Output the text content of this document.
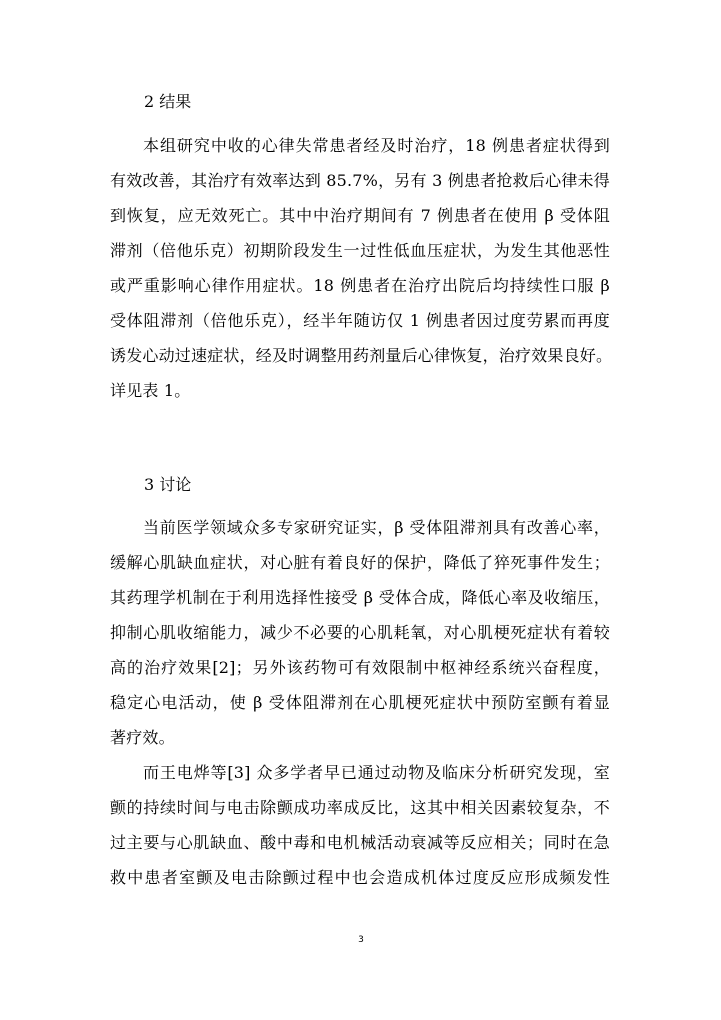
2 结果
本组研究中收的心律失常患者经及时治疗，18 例患者症状得到
有效改善，其治疗有效率达到 85.7%，另有 3 例患者抢救后心律未得
到恢复，应无效死亡。其中中治疗期间有 7 例患者在使用 β 受体阻
滞剂（倍他乐克）初期阶段发生一过性低血压症状，为发生其他恶性
或严重影响心律作用症状。18 例患者在治疗出院后均持续性口服 β
受体阻滞剂（倍他乐克），经半年随访仅 1 例患者因过度劳累而再度
诱发心动过速症状，经及时调整用药剂量后心律恢复，治疗效果良好。
详见表 1。
3 讨论
当前医学领域众多专家研究证实，β 受体阻滞剂具有改善心率，
缓解心肌缺血症状，对心脏有着良好的保护，降低了猝死事件发生；
其药理学机制在于利用选择性接受 β 受体合成，降低心率及收缩压，
抑制心肌收缩能力，减少不必要的心肌耗氧，对心肌梗死症状有着较
高的治疗效果[2]；另外该药物可有效限制中枢神经系统兴奋程度，
稳定心电活动，使 β 受体阻滞剂在心肌梗死症状中预防室颤有着显
著疗效。
而王电烨等[3] 众多学者早已通过动物及临床分析研究发现，室
颤的持续时间与电击除颤成功率成反比，这其中相关因素较复杂，不
过主要与心肌缺血、酸中毒和电机械活动衰减等反应相关；同时在急
救中患者室颤及电击除颤过程中也会造成机体过度反应形成频发性
3
